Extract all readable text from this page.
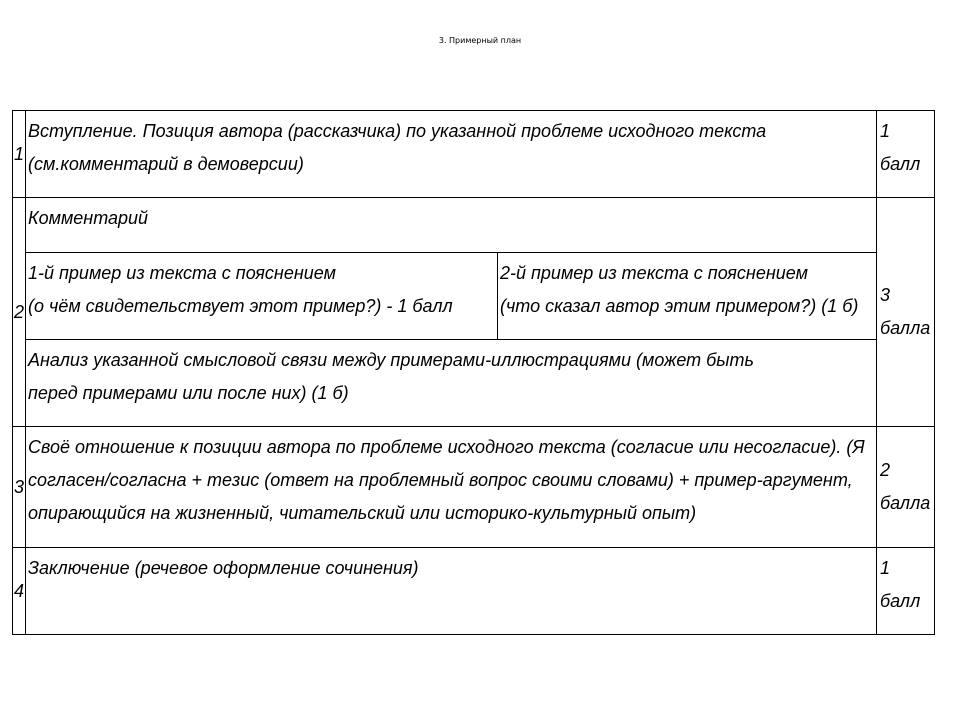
3. Примерный план
1	Вступление. Позиция автора (рассказчика) по указанной проблеме исходного текста
(см.комментарий в демоверсии)		1
балл
2	Комментарий		3
балла
	1-й пример из текста с пояснением
(о чём свидетельствует этот пример?) - 1 балл	2-й пример из текста с пояснением
(что сказал автор этим примером?) (1 б)	
	Анализ указанной смысловой связи между примерами-иллюстрациями (может быть
перед примерами или после них) (1 б)		
3	Своё отношение к позиции автора по проблеме исходного текста (согласие или несогласие). (Я
согласен/согласна + тезис (ответ на проблемный вопрос своими словами) + пример-аргумент,
опирающийся на жизненный, читательский или историко-культурный опыт)		2
балла
4	Заключение (речевое оформление сочинения)		1
балл
